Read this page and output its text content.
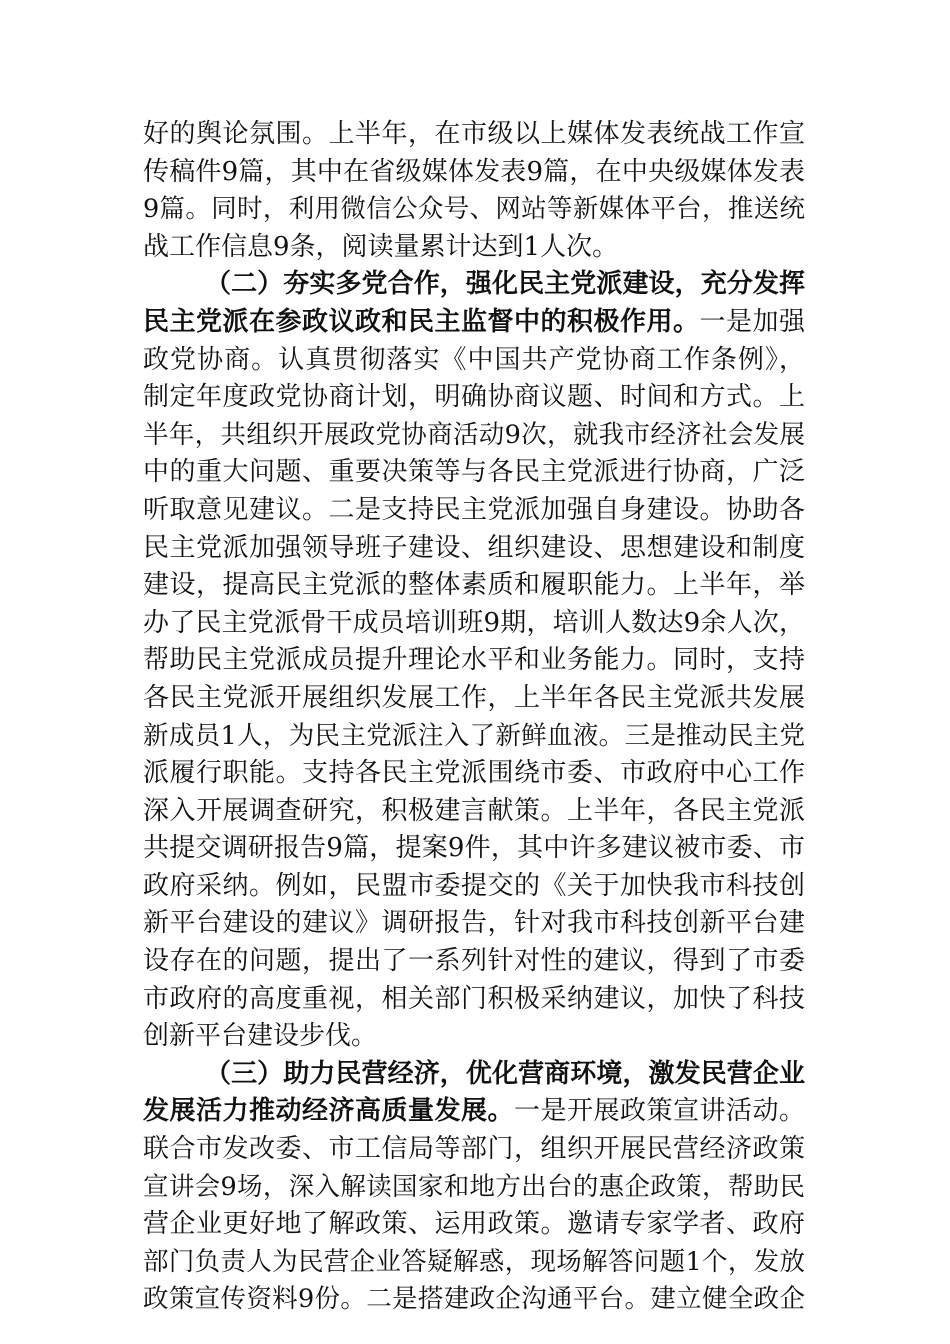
好的舆论氛围。上半年，在市级以上媒体发表统战工作宣
传稿件9篇，其中在省级媒体发表9篇，在中央级媒体发表
9篇。同时，利用微信公众号、网站等新媒体平台，推送统
战工作信息9条，阅读量累计达到1人次。
（二）夯实多党合作，强化民主党派建设，充分发挥
民主党派在参政议政和民主监督中的积极作用。一是加强
政党协商。认真贯彻落实《中国共产党协商工作条例》，
制定年度政党协商计划，明确协商议题、时间和方式。上
半年，共组织开展政党协商活动9次，就我市经济社会发展
中的重大问题、重要决策等与各民主党派进行协商，广泛
听取意见建议。二是支持民主党派加强自身建设。协助各
民主党派加强领导班子建设、组织建设、思想建设和制度
建设，提高民主党派的整体素质和履职能力。上半年，举
办了民主党派骨干成员培训班9期，培训人数达9余人次，
帮助民主党派成员提升理论水平和业务能力。同时，支持
各民主党派开展组织发展工作，上半年各民主党派共发展
新成员1人，为民主党派注入了新鲜血液。三是推动民主党
派履行职能。支持各民主党派围绕市委、市政府中心工作
深入开展调查研究，积极建言献策。上半年，各民主党派
共提交调研报告9篇，提案9件，其中许多建议被市委、市
政府采纳。例如，民盟市委提交的《关于加快我市科技创
新平台建设的建议》调研报告，针对我市科技创新平台建
设存在的问题，提出了一系列针对性的建议，得到了市委
市政府的高度重视，相关部门积极采纳建议，加快了科技
创新平台建设步伐。
（三）助力民营经济，优化营商环境，激发民营企业
发展活力推动经济高质量发展。一是开展政策宣讲活动。
联合市发改委、市工信局等部门，组织开展民营经济政策
宣讲会9场，深入解读国家和地方出台的惠企政策，帮助民
营企业更好地了解政策、运用政策。邀请专家学者、政府
部门负责人为民营企业答疑解惑，现场解答问题1个，发放
政策宣传资料9份。二是搭建政企沟通平台。建立健全政企
